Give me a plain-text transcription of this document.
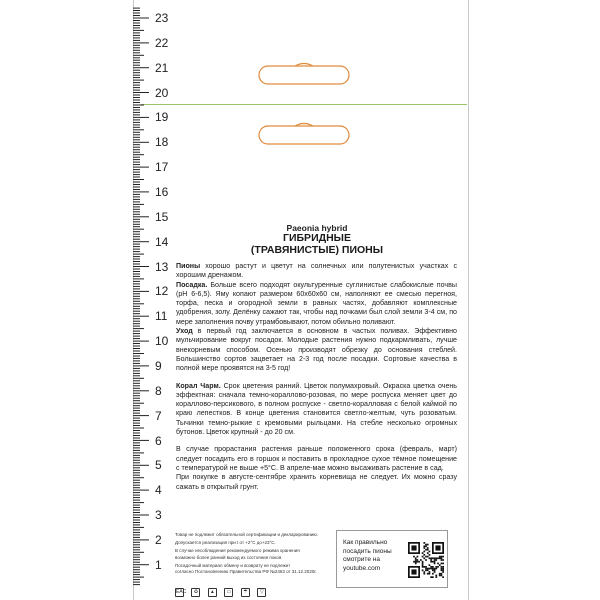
23
22
21
20
19
18
17
16
15
14
13
12
11
10
9
8
7
6
5
4
3
2
1
Paeonia hybrid
ГИБРИДНЫЕ
(ТРАВЯНИСТЫЕ) ПИОНЫ

Пионы хорошо растут и цветут на солнечных или полутенистых участках с хорошим дренажом.

Посадка. Больше всего подходят окультуренные суглинистые слабокислые почвы (рН 6-6,5). Яму копают размером 60х60х60 см, наполняют ее смесью перегноя, торфа, песка и огородной земли в равных частях, добавляют комплексные удобрения, золу. Делёнку сажают так, чтобы над почками был слой земли 3-4 см, по мере заполнения почву утрамбовывают, потом обильно поливают.

Уход в первый год заключается в основном в частых поливах. Эффективно мульчирование вокруг посадок. Молодые растения нужно подкармливать, лучше внекорневым способом. Осенью производят обрезку до основания стеблей. Большинство сортов зацветает на 2-3 год после посадки. Сортовые качества в полной мере проявятся на 3-5 год!

Корал Чарм. Срок цветения ранний. Цветок полумахровый. Окраска цветка очень эффектная: сначала темно-кораллово-розовая, по мере роспуска меняет цвет до кораллово-персикового, в полном роспуске - светло-коралловая с белой каймой по краю лепестков. В конце цветения становится светло-желтым, чуть розоватым. Тычинки темно-рыжие с кремовыми рыльцами. На стебле несколько огромных бутонов. Цветок крупный - до 20 см.

В случае прорастания растения раньше положенного срока (февраль, март) следует посадить его в горшок и поставить в прохладное сухое тёмное помещение с температурой не выше +5°С. В апреле-мае можно высаживать растение в сад.

При покупке в августе-сентябре хранить корневища не следует. Их можно сразу сажать в открытый грунт.

Товар не подлежит обязательной сертификации и декларированию.

Допускается реализация при t от +2°С до+23°С.

В случае несоблюдения рекомендуемого режима хранения

возможно более ранний выход из состояния покоя.

Посадочный материал обмену и возврату не подлежит

согласно Постановлению Правительства РФ №2463 от 31.12.2020г.

EAC ♻ ▲ ▭ ☂ ▽
Как правильно
посадить пионы
смотрите на
youtube.com
